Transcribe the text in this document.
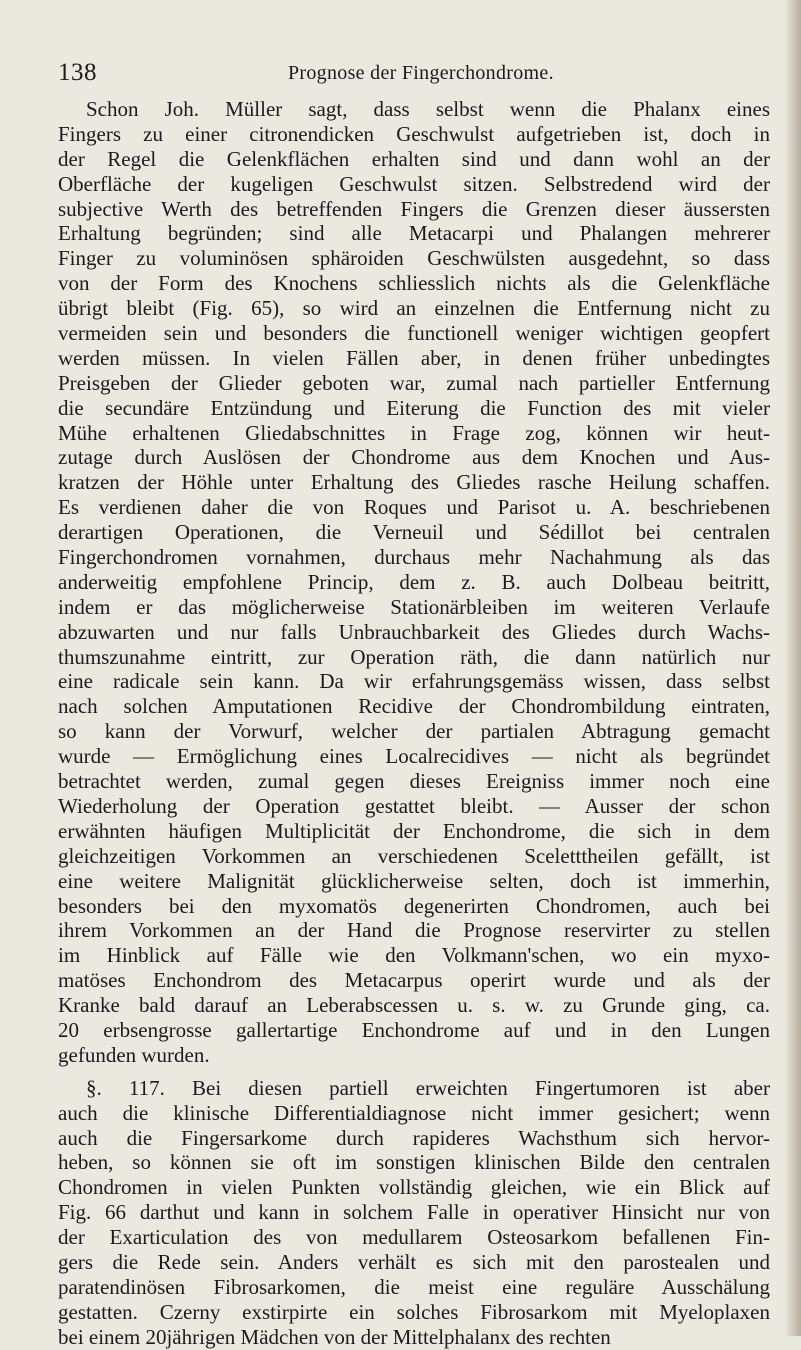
138	Prognose der Fingerchondrome.
Schon Joh. Müller sagt, dass selbst wenn die Phalanx eines
Fingers zu einer citronendicken Geschwulst aufgetrieben ist, doch in
der Regel die Gelenkflächen erhalten sind und dann wohl an der
Oberfläche der kugeligen Geschwulst sitzen. Selbstredend wird der
subjective Werth des betreffenden Fingers die Grenzen dieser äussersten
Erhaltung begründen; sind alle Metacarpi und Phalangen mehrerer
Finger zu voluminösen sphäroiden Geschwülsten ausgedehnt, so dass
von der Form des Knochens schliesslich nichts als die Gelenkfläche
übrigt bleibt (Fig. 65), so wird an einzelnen die Entfernung nicht zu
vermeiden sein und besonders die functionell weniger wichtigen geopfert
werden müssen. In vielen Fällen aber, in denen früher unbedingtes
Preisgeben der Glieder geboten war, zumal nach partieller Entfernung
die secundäre Entzündung und Eiterung die Function des mit vieler
Mühe erhaltenen Gliedabschnittes in Frage zog, können wir heut-
zutage durch Auslösen der Chondrome aus dem Knochen und Aus-
kratzen der Höhle unter Erhaltung des Gliedes rasche Heilung schaffen.
Es verdienen daher die von Roques und Parisot u. A. beschriebenen
derartigen Operationen, die Verneuil und Sédillot bei centralen
Fingerchondromen vornahmen, durchaus mehr Nachahmung als das
anderweitig empfohlene Princip, dem z. B. auch Dolbeau beitritt,
indem er das möglicherweise Stationärbleiben im weiteren Verlaufe
abzuwarten und nur falls Unbrauchbarkeit des Gliedes durch Wachs-
thumszunahme eintritt, zur Operation räth, die dann natürlich nur
eine radicale sein kann. Da wir erfahrungsgemäss wissen, dass selbst
nach solchen Amputationen Recidive der Chondrombildung eintraten,
so kann der Vorwurf, welcher der partialen Abtragung gemacht
wurde — Ermöglichung eines Localrecidives — nicht als begründet
betrachtet werden, zumal gegen dieses Ereigniss immer noch eine
Wiederholung der Operation gestattet bleibt. — Ausser der schon
erwähnten häufigen Multiplicität der Enchondrome, die sich in dem
gleichzeitigen Vorkommen an verschiedenen Sceletttheilen gefällt, ist
eine weitere Malignität glücklicherweise selten, doch ist immerhin,
besonders bei den myxomatös degenerirten Chondromen, auch bei
ihrem Vorkommen an der Hand die Prognose reservirter zu stellen
im Hinblick auf Fälle wie den Volkmann'schen, wo ein myxo-
matöses Enchondrom des Metacarpus operirt wurde und als der
Kranke bald darauf an Leberabscessen u. s. w. zu Grunde ging, ca.
20 erbsengrosse gallertartige Enchondrome auf und in den Lungen
gefunden wurden.
§. 117. Bei diesen partiell erweichten Fingertumoren ist aber
auch die klinische Differentialdiagnose nicht immer gesichert; wenn
auch die Fingersarkome durch rapideres Wachsthum sich hervor-
heben, so können sie oft im sonstigen klinischen Bilde den centralen
Chondromen in vielen Punkten vollständig gleichen, wie ein Blick auf
Fig. 66 darthut und kann in solchem Falle in operativer Hinsicht nur von
der Exarticulation des von medullarem Osteosarkom befallenen Fin-
gers die Rede sein. Anders verhält es sich mit den parostealen und
paratendinösen Fibrosarkomen, die meist eine reguläre Ausschälung
gestatten. Czerny exstirpirte ein solches Fibrosarkom mit Myeloplaxen
bei einem 20jährigen Mädchen von der Mittelphalanx des rechten
